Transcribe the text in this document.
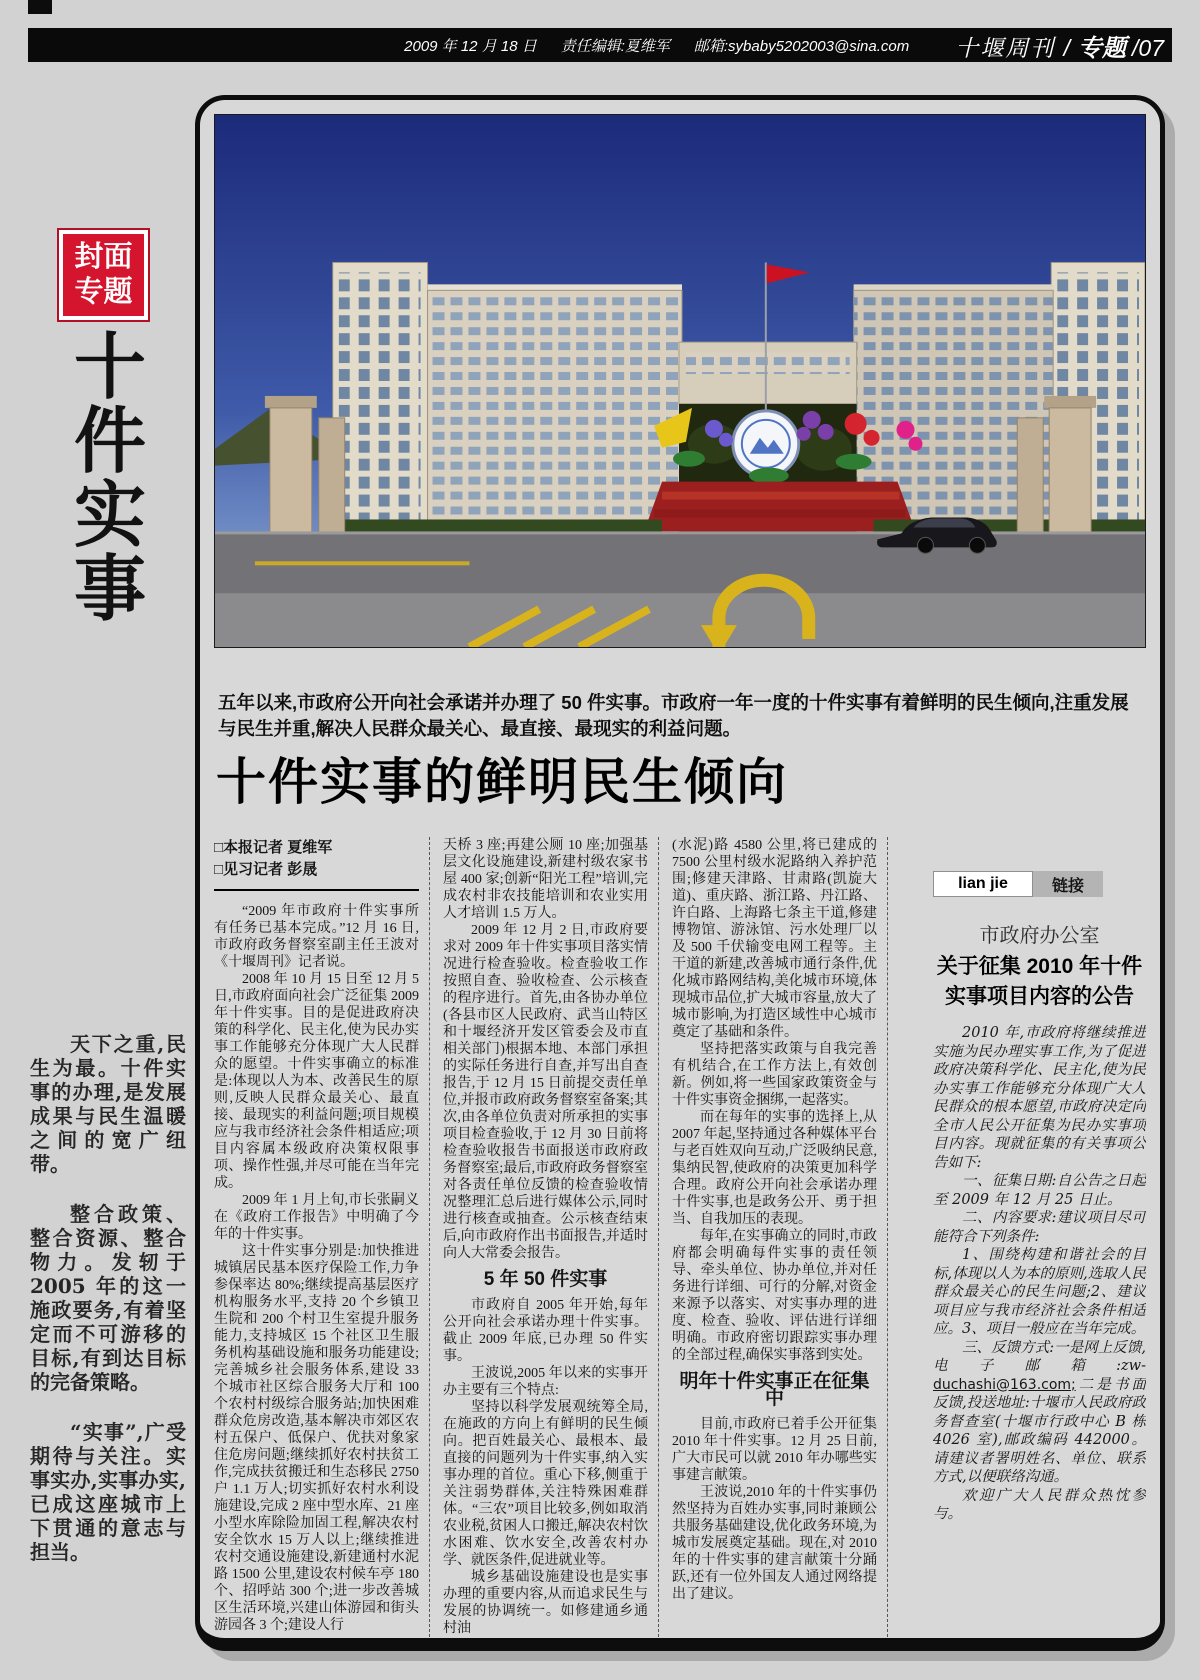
2009 年 12 月 18 日 责任编辑:夏维军 邮箱:sybaby5202003@sina.com 十堰周刊 / 专题 /07
封面
专题
十
件
实
事

天下之重,民生为最。十件实事的办理,是发展成果与民生温暖之间的宽广纽带。

整合政策、整合资源、整合物力。发轫于 2005 年的这一施政要务,有着坚定而不可游移的目标,有到达目标的完备策略。

“实事”,广受期待与关注。实事实办,实事办实,已成这座城市上下贯通的意志与担当。

五年以来,市政府公开向社会承诺并办理了 50 件实事。市政府一年一度的十件实事有着鲜明的民生倾向,注重发展与民生并重,解决人民群众最关心、最直接、最现实的利益问题。
十件实事的鲜明民生倾向
□本报记者 夏维军
□见习记者 彭晟

“2009 年市政府十件实事所有任务已基本完成。”12 月 16 日,市政府政务督察室副主任王波对《十堰周刊》记者说。

2008 年 10 月 15 日至 12 月 5 日,市政府面向社会广泛征集 2009 年十件实事。目的是促进政府决策的科学化、民主化,使为民办实事工作能够充分体现广大人民群众的愿望。十件实事确立的标准是:体现以人为本、改善民生的原则,反映人民群众最关心、最直接、最现实的利益问题;项目规模应与我市经济社会条件相适应;项目内容属本级政府决策权限事项、操作性强,并尽可能在当年完成。

2009 年 1 月上旬,市长张嗣义在《政府工作报告》中明确了今年的十件实事。

这十件实事分别是:加快推进城镇居民基本医疗保险工作,力争参保率达 80%;继续提高基层医疗机构服务水平,支持 20 个乡镇卫生院和 200 个村卫生室提升服务能力,支持城区 15 个社区卫生服务机构基础设施和服务功能建设;完善城乡社会服务体系,建设 33 个城市社区综合服务大厅和 100 个农村村级综合服务站;加快困难群众危房改造,基本解决市郊区农村五保户、低保户、优扶对象家住危房问题;继续抓好农村扶贫工作,完成扶贫搬迁和生态移民 2750 户 1.1 万人;切实抓好农村水利设施建设,完成 2 座中型水库、21 座小型水库除险加固工程,解决农村安全饮水 15 万人以上;继续推进农村交通设施建设,新建通村水泥路 1500 公里,建设农村候车亭 180 个、招呼站 300 个;进一步改善城区生活环境,兴建山体游园和街头游园各 3 个;建设人行

天桥 3 座;再建公厕 10 座;加强基层文化设施建设,新建村级农家书屋 400 家;创新“阳光工程”培训,完成农村非农技能培训和农业实用人才培训 1.5 万人。

2009 年 12 月 2 日,市政府要求对 2009 年十件实事项目落实情况进行检查验收。检查验收工作按照自查、验收检查、公示核查的程序进行。首先,由各协办单位(各县市区人民政府、武当山特区和十堰经济开发区管委会及市直相关部门)根据本地、本部门承担的实际任务进行自查,并写出自查报告,于 12 月 15 日前提交责任单位,并报市政府政务督察室备案;其次,由各单位负责对所承担的实事项目检查验收,于 12 月 30 日前将检查验收报告书面报送市政府政务督察室;最后,市政府政务督察室对各责任单位反馈的检查验收情况整理汇总后进行媒体公示,同时进行核查或抽查。公示核查结束后,向市政府作出书面报告,并适时向人大常委会报告。

5 年 50 件实事

市政府自 2005 年开始,每年公开向社会承诺办理十件实事。截止 2009 年底,已办理 50 件实事。

王波说,2005 年以来的实事开办主要有三个特点:

坚持以科学发展观统筹全局,在施政的方向上有鲜明的民生倾向。把百姓最关心、最根本、最直接的问题列为十件实事,纳入实事办理的首位。重心下移,侧重于关注弱势群体,关注特殊困难群体。“三农”项目比较多,例如取消农业税,贫困人口搬迁,解决农村饮水困难、饮水安全,改善农村办学、就医条件,促进就业等。

城乡基础设施建设也是实事办理的重要内容,从而追求民生与发展的协调统一。如修建通乡通村油

(水泥)路 4580 公里,将已建成的 7500 公里村级水泥路纳入养护范围;修建天津路、甘肃路(凯旋大道)、重庆路、浙江路、丹江路、许白路、上海路七条主干道,修建博物馆、游泳馆、污水处理厂以及 500 千伏输变电网工程等。主干道的新建,改善城市通行条件,优化城市路网结构,美化城市环境,体现城市品位,扩大城市容量,放大了城市影响,为打造区域性中心城市奠定了基础和条件。

坚持把落实政策与自我完善有机结合,在工作方法上,有效创新。例如,将一些国家政策资金与十件实事资金捆绑,一起落实。

而在每年的实事的选择上,从 2007 年起,坚持通过各种媒体平台与老百姓双向互动,广泛吸纳民意,集纳民智,使政府的决策更加科学合理。政府公开向社会承诺办理十件实事,也是政务公开、勇于担当、自我加压的表现。

每年,在实事确立的同时,市政府都会明确每件实事的责任领导、牵头单位、协办单位,并对任务进行详细、可行的分解,对资金来源予以落实、对实事办理的进度、检查、验收、评估进行详细明确。市政府密切跟踪实事办理的全部过程,确保实事落到实处。

明年十件实事正在征集中

目前,市政府已着手公开征集 2010 年十件实事。12 月 25 日前,广大市民可以就 2010 年办哪些实事建言献策。

王波说,2010 年的十件实事仍然坚持为百姓办实事,同时兼顾公共服务基础建设,优化政务环境,为城市发展奠定基础。现在,对 2010 年的十件实事的建言献策十分踊跃,还有一位外国友人通过网络提出了建议。

lian jie	链接
市政府办公室
关于征集 2010 年十件
实事项目内容的公告

2010 年,市政府将继续推进实施为民办理实事工作,为了促进政府决策科学化、民主化,使为民办实事工作能够充分体现广大人民群众的根本愿望,市政府决定向全市人民公开征集为民办实事项目内容。现就征集的有关事项公告如下:

一、征集日期:自公告之日起至 2009 年 12 月 25 日止。

二、内容要求:建议项目尽可能符合下列条件:

1、围绕构建和谐社会的目标,体现以人为本的原则,选取人民群众最关心的民生问题;2、建议项目应与我市经济社会条件相适应。3、项目一般应在当年完成。

三、反馈方式:一是网上反馈,电子邮箱:zw-duchashi@163.com;二是书面反馈,投送地址:十堰市人民政府政务督查室(十堰市行政中心 B 栋 4026 室),邮政编码 442000。请建议者署明姓名、单位、联系方式,以便联络沟通。

欢迎广大人民群众热忱参与。
